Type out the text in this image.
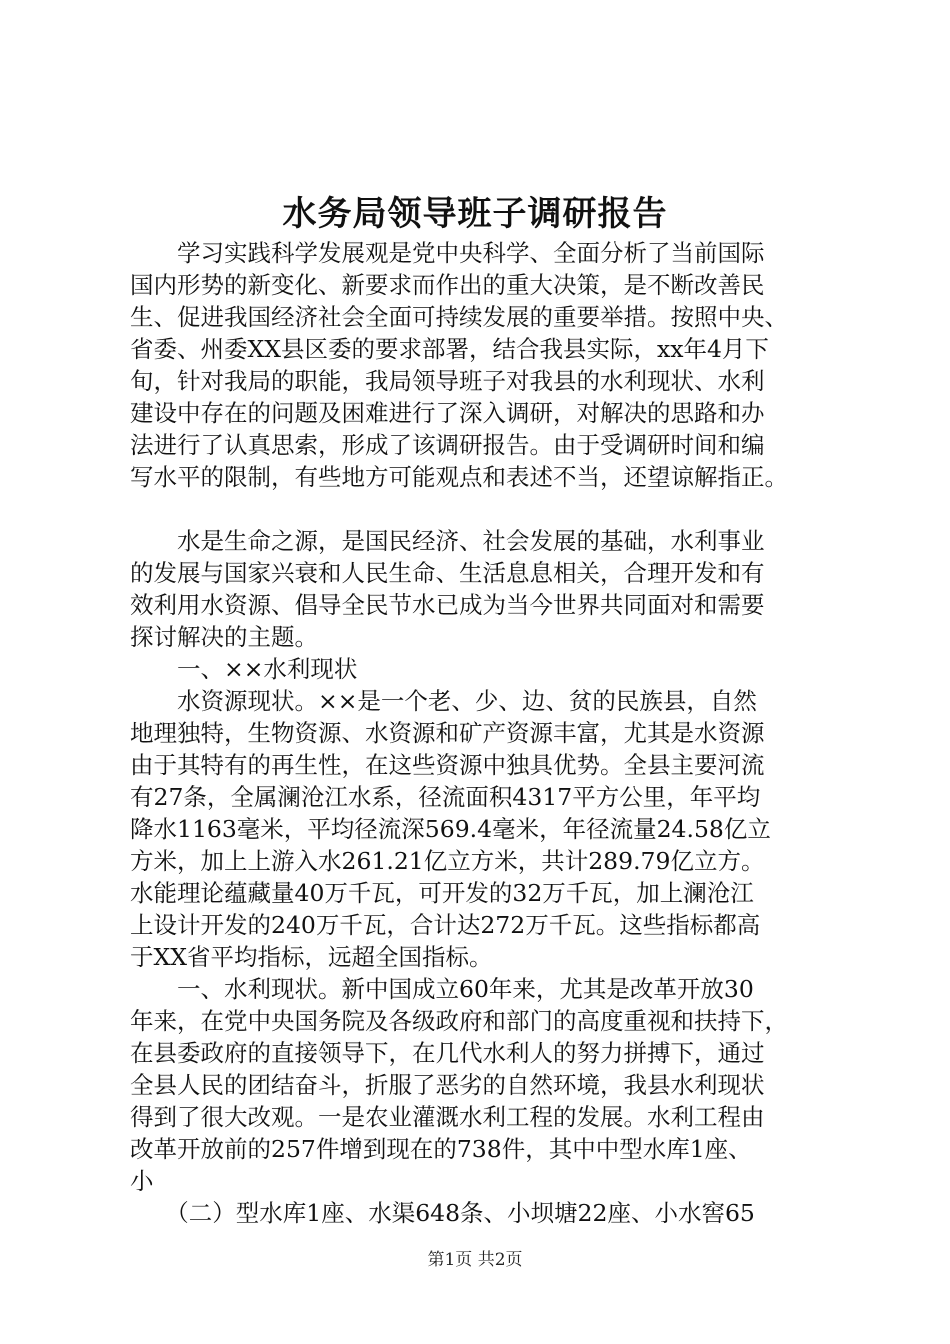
水务局领导班子调研报告
　　学习实践科学发展观是党中央科学、全面分析了当前国际
国内形势的新变化、新要求而作出的重大决策，是不断改善民
生、促进我国经济社会全面可持续发展的重要举措。按照中央、
省委、州委XX县区委的要求部署，结合我县实际，xx年4月下
旬，针对我局的职能，我局领导班子对我县的水利现状、水利
建设中存在的问题及困难进行了深入调研，对解决的思路和办
法进行了认真思索，形成了该调研报告。由于受调研时间和编
写水平的限制，有些地方可能观点和表述不当，还望谅解指正。
　　水是生命之源，是国民经济、社会发展的基础，水利事业
的发展与国家兴衰和人民生命、生活息息相关，合理开发和有
效利用水资源、倡导全民节水已成为当今世界共同面对和需要
探讨解决的主题。
　　一、××水利现状
　　水资源现状。××是一个老、少、边、贫的民族县，自然
地理独特，生物资源、水资源和矿产资源丰富，尤其是水资源
由于其特有的再生性，在这些资源中独具优势。全县主要河流
有27条，全属澜沧江水系，径流面积4317平方公里，年平均
降水1163毫米，平均径流深569.4毫米，年径流量24.58亿立
方米，加上上游入水261.21亿立方米，共计289.79亿立方。
水能理论蕴藏量40万千瓦，可开发的32万千瓦，加上澜沧江
上设计开发的240万千瓦，合计达272万千瓦。这些指标都高
于XX省平均指标，远超全国指标。
　　一、水利现状。新中国成立60年来，尤其是改革开放30
年来，在党中央国务院及各级政府和部门的高度重视和扶持下，
在县委政府的直接领导下，在几代水利人的努力拼搏下，通过
全县人民的团结奋斗，折服了恶劣的自然环境，我县水利现状
得到了很大改观。一是农业灌溉水利工程的发展。水利工程由
改革开放前的257件增到现在的738件，其中中型水库1座、
小
　　（二）型水库1座、水渠648条、小坝塘22座、小水窖65
第1页 共2页
